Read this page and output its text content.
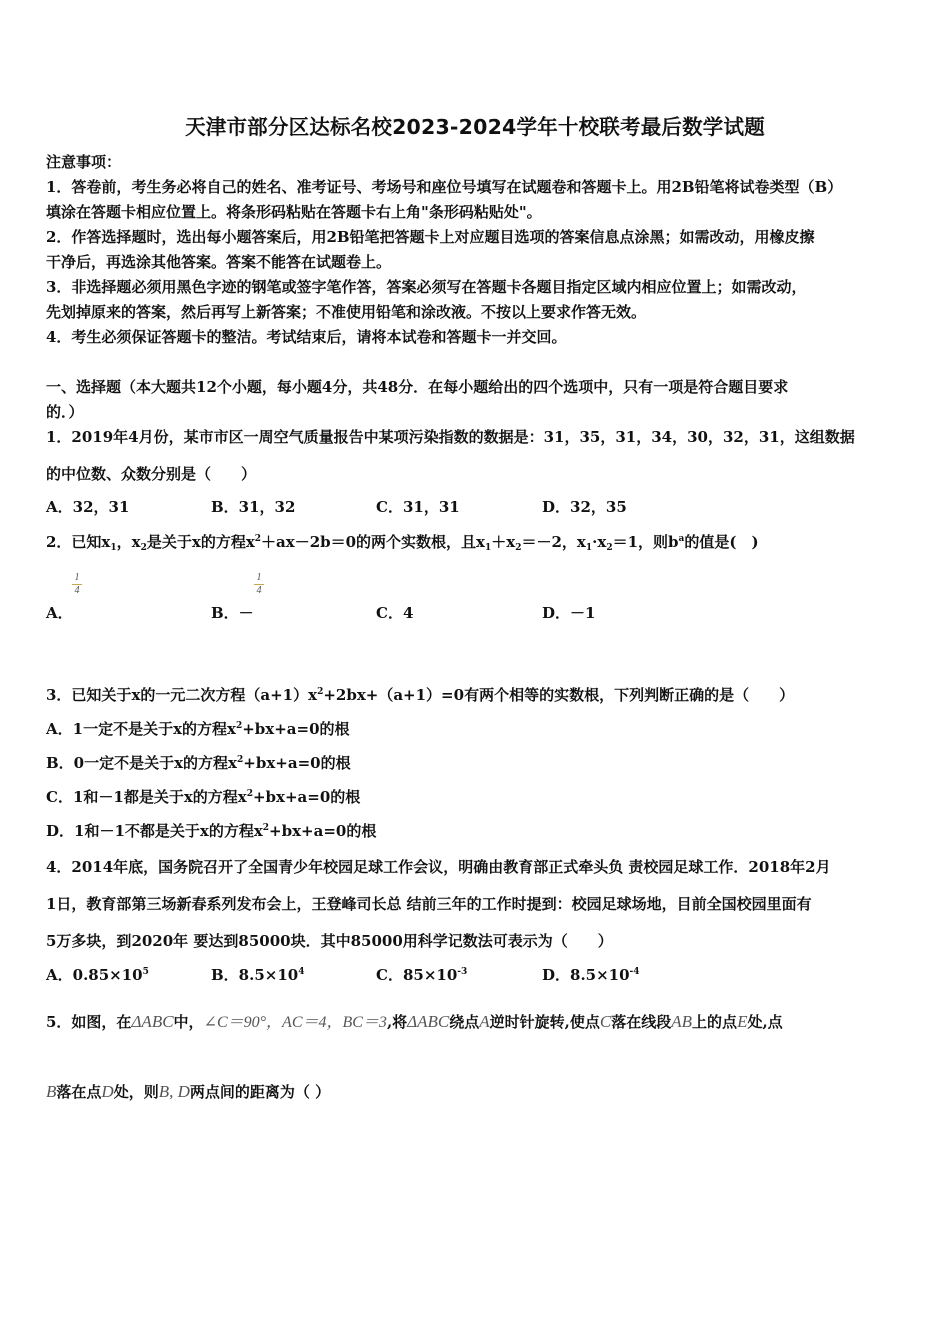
天津市部分区达标名校2023-2024学年十校联考最后数学试题
注意事项：
1．答卷前，考生务必将自己的姓名、准考证号、考场号和座位号填写在试题卷和答题卡上。用2B铅笔将试卷类型（B）
填涂在答题卡相应位置上。将条形码粘贴在答题卡右上角"条形码粘贴处"。
2．作答选择题时，选出每小题答案后，用2B铅笔把答题卡上对应题目选项的答案信息点涂黑；如需改动，用橡皮擦
干净后，再选涂其他答案。答案不能答在试题卷上。
3．非选择题必须用黑色字迹的钢笔或签字笔作答，答案必须写在答题卡各题目指定区域内相应位置上；如需改动，
先划掉原来的答案，然后再写上新答案；不准使用铅笔和涂改液。不按以上要求作答无效。
4．考生必须保证答题卡的整洁。考试结束后，请将本试卷和答题卡一并交回。
一、选择题（本大题共12个小题，每小题4分，共48分．在每小题给出的四个选项中，只有一项是符合题目要求
的．）
1．2019年4月份，某市市区一周空气质量报告中某项污染指数的数据是：31，35，31，34，30，32，31，这组数据
的中位数、众数分别是（　　）
A．32，31	B．31，32	C．31，31	D．32，35
2．已知$x_1$，$x_2$是关于x的方程$x^2+ax-2b=0$的两个实数根，且$x_1+x_2=-2$，$x_1\cdot x_2=1$，则$b^a$的值是(　)
1
4
1
4
A．	B．－	C．4	D．－1
3．已知关于x的一元二次方程$(a+1)x^2+2bx+(a+1)=0$有两个相等的实数根，下列判断正确的是（　　）
A．1一定不是关于x的方程$x^2+bx+a=0$的根
B．0一定不是关于x的方程$x^2+bx+a=0$的根
C．1和－1都是关于x的方程$x^2+bx+a=0$的根
D．1和－1不都是关于x的方程$x^2+bx+a=0$的根
4．2014年底，国务院召开了全国青少年校园足球工作会议，明确由教育部正式牵头负 责校园足球工作．2018年2月
1日，教育部第三场新春系列发布会上，王登峰司长总 结前三年的工作时提到：校园足球场地，目前全国校园里面有
5万多块，到2020年 要达到85000块．其中85000用科学记数法可表示为（　　）
A．$0.85\times 10^5$	B．$8.5\times 10^4$	C．$85\times 10^{-3}$	D．$8.5\times 10^{-4}$
5．如图，在ΔABC中，∠C＝90°，AC＝4，BC＝3,将ΔABC绕点A逆时针旋转,使点C落在线段AB上的点E处,点
B落在点D处，则B, D两点间的距离为（ ）
